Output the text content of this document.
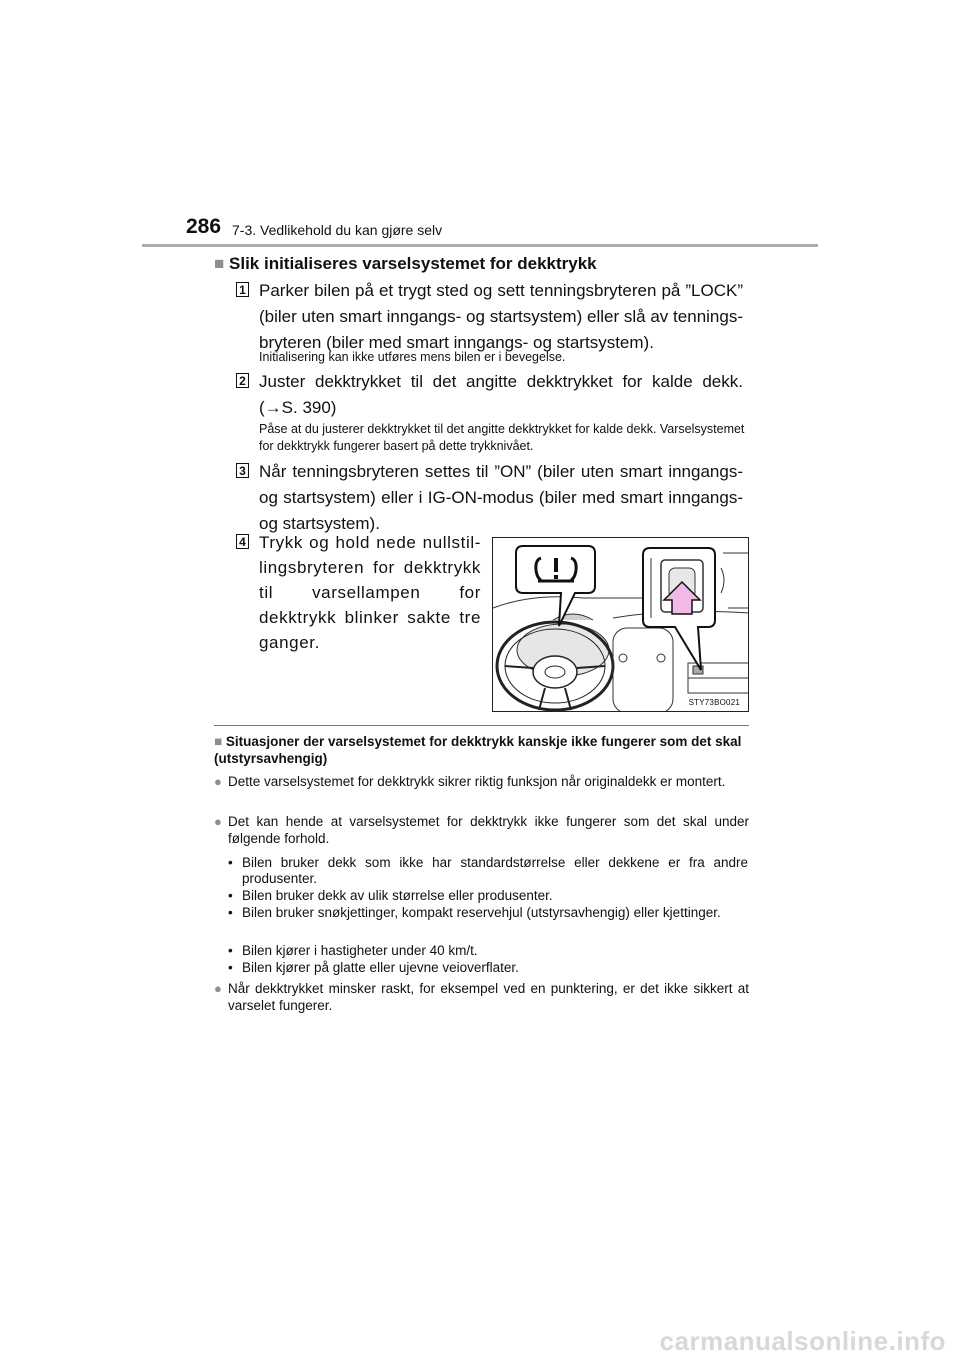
286 7-3. Vedlikehold du kan gjøre selv
■ Slik initialiseres varselsystemet for dekktrykk
1 Parker bilen på et trygt sted og sett tenningsbryteren på ”LOCK” (biler uten smart inngangs- og startsystem) eller slå av tennings-bryteren (biler med smart inngangs- og startsystem).
Initialisering kan ikke utføres mens bilen er i bevegelse.
2 Juster dekktrykket til det angitte dekktrykket for kalde dekk. (→S. 390)
Påse at du justerer dekktrykket til det angitte dekktrykket for kalde dekk. Varselsystemet for dekktrykk fungerer basert på dette trykknivået.
3 Når tenningsbryteren settes til ”ON” (biler uten smart inngangs- og startsystem) eller i IG-ON-modus (biler med smart inngangs- og startsystem).
4 Trykk og hold nede nullstil-lingsbryteren for dekktrykk til varsellampen for dekktrykk blinker sakte tre ganger.
STY73BO021
■ Situasjoner der varselsystemet for dekktrykk kanskje ikke fungerer som det skal (utstyrsavhengig)
● Dette varselsystemet for dekktrykk sikrer riktig funksjon når originaldekk er montert.
● Det kan hende at varselsystemet for dekktrykk ikke fungerer som det skal under følgende forhold.
• Bilen bruker dekk som ikke har standardstørrelse eller dekkene er fra andre produsenter.
• Bilen bruker dekk av ulik størrelse eller produsenter.
• Bilen bruker snøkjettinger, kompakt reservehjul (utstyrsavhengig) eller kjettinger.
• Bilen kjører i hastigheter under 40 km/t.
• Bilen kjører på glatte eller ujevne veioverflater.
● Når dekktrykket minsker raskt, for eksempel ved en punktering, er det ikke sikkert at varselet fungerer.
carmanualsonline.info
